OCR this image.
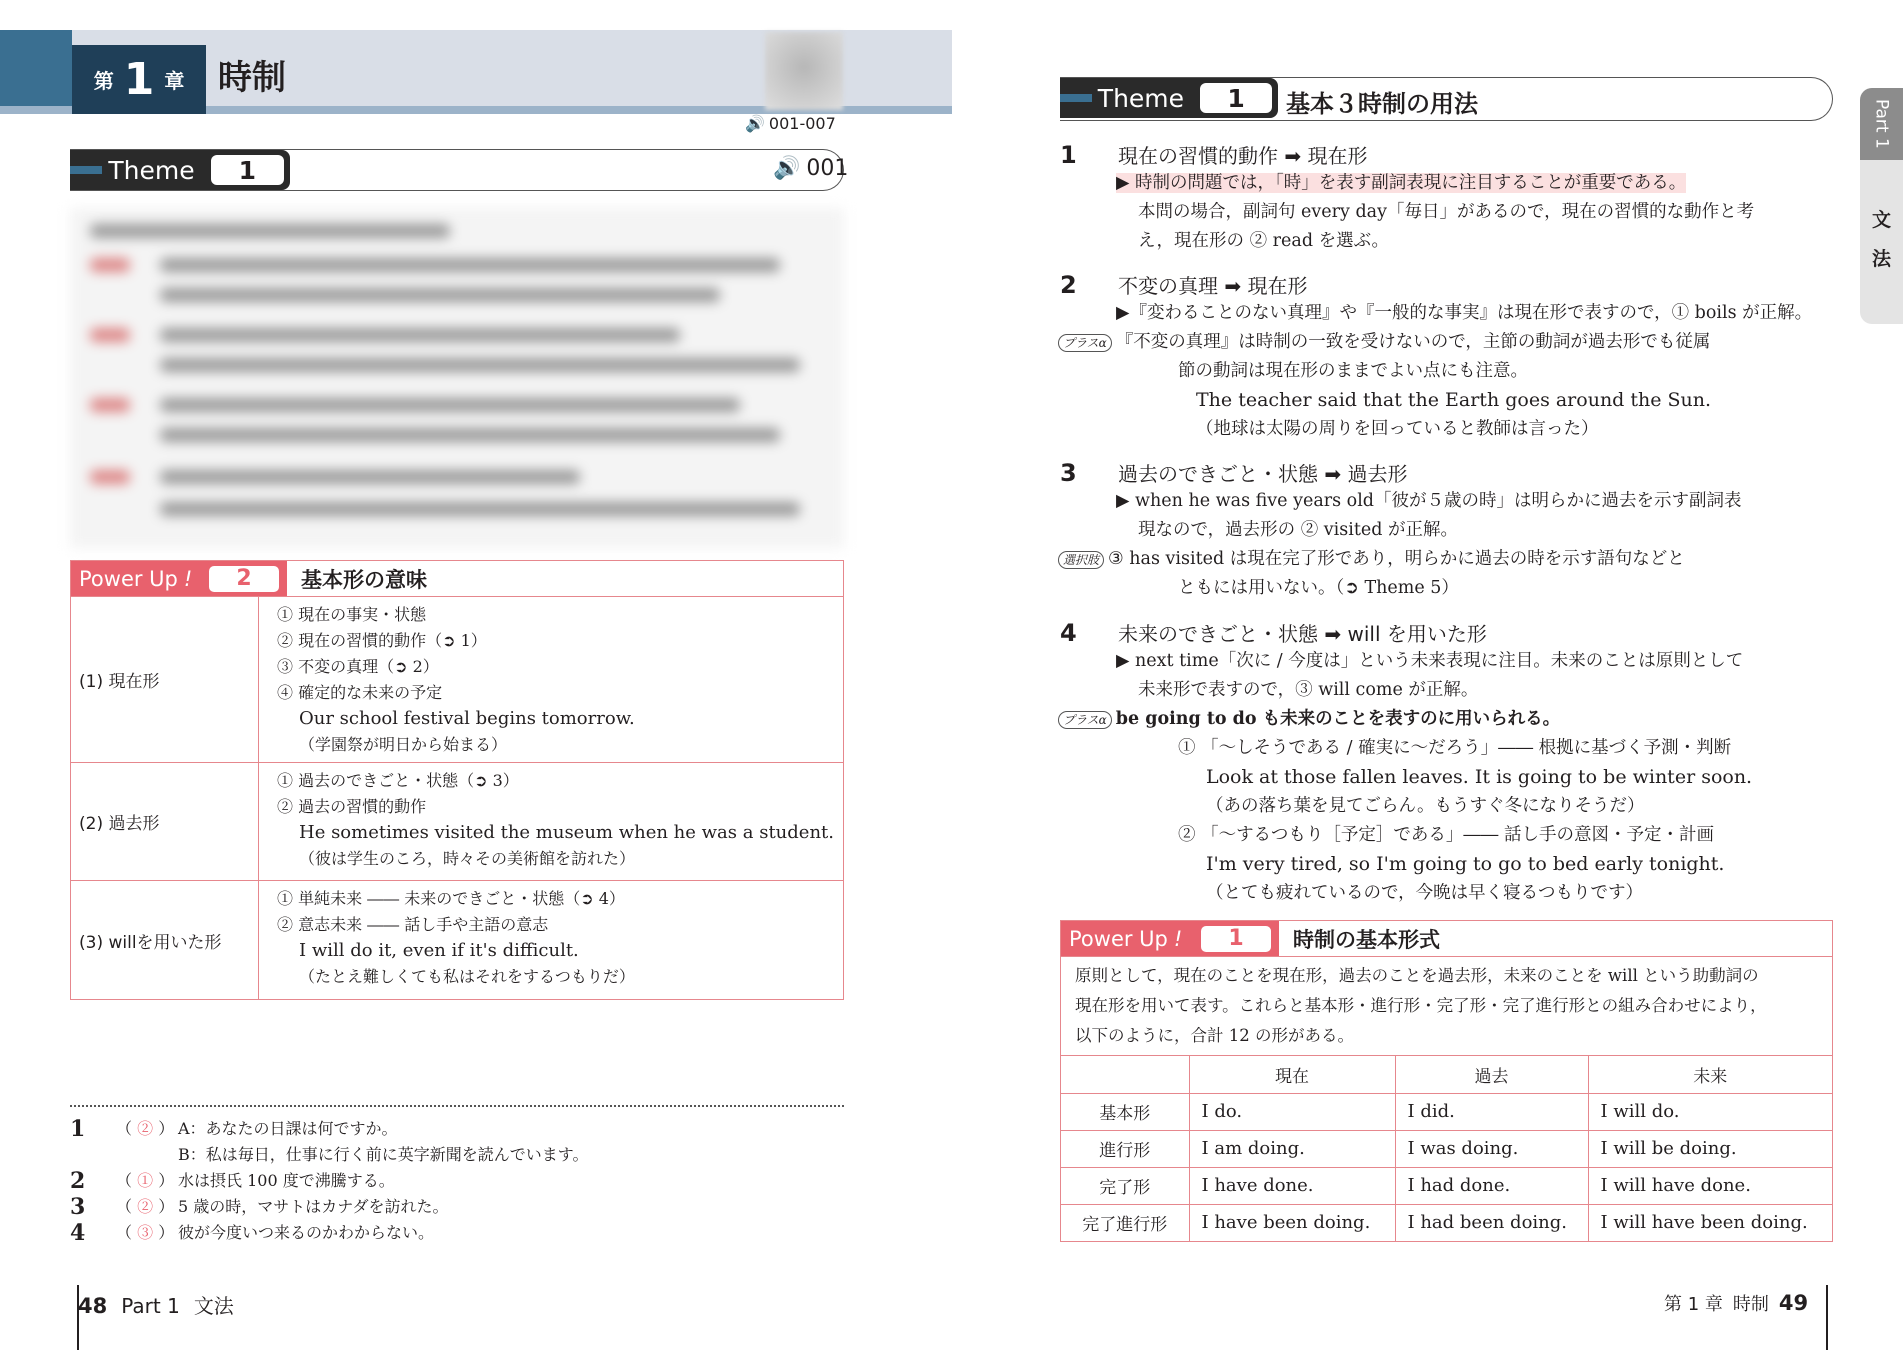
第 1 章 時制
🔊 001-007
Theme	1	🔊 001
Power Up !	2	基本形の意味
(1) 現在形
① 現在の事実・状態
② 現在の習慣的動作（➲ 1）
③ 不変の真理（➲ 2）
④ 確定的な未来の予定
Our school festival begins tomorrow.
（学園祭が明日から始まる）
(2) 過去形
① 過去のできごと・状態（➲ 3）
② 過去の習慣的動作
He sometimes visited the museum when he was a student.
（彼は学生のころ，時々その美術館を訪れた）
(3) willを用いた形
① 単純未来 ―― 未来のできごと・状態（➲ 4）
② 意志未来 ―― 話し手や主語の意志
I will do it, even if it's difficult.
（たとえ難しくても私はそれをするつもりだ）
1	（ ② ） A：あなたの日課は何ですか。
B：私は毎日，仕事に行く前に英字新聞を読んでいます。
2	（ ① ） 水は摂氏 100 度で沸騰する。
3	（ ② ） 5 歳の時，マサトはカナダを訪れた。
4	（ ③ ） 彼が今度いつ来るのかわからない。
48 Part 1 文法
Theme	1	基本３時制の用法	Part 1
文
法
1	現在の習慣的動作 ➡ 現在形
▶ 時制の問題では，「時」を表す副詞表現に注目することが重要である。
本問の場合，副詞句 every day「毎日」があるので，現在の習慣的な動作と考
え，現在形の ② read を選ぶ。
2	不変の真理 ➡ 現在形
▶『変わることのない真理』や『一般的な事実』は現在形で表すので，① boils が正解。
プラスα 『不変の真理』は時制の一致を受けないので，主節の動詞が過去形でも従属
節の動詞は現在形のままでよい点にも注意。
The teacher said that the Earth goes around the Sun.
（地球は太陽の周りを回っていると教師は言った）
3	過去のできごと・状態 ➡ 過去形
▶ when he was five years old「彼が５歳の時」は明らかに過去を示す副詞表
現なので，過去形の ② visited が正解。
選択肢 ③ has visited は現在完了形であり，明らかに過去の時を示す語句などと
ともには用いない。（➲ Theme 5）
4	未来のできごと・状態 ➡ will を用いた形
▶ next time「次に / 今度は」という未来表現に注目。未来のことは原則として
未来形で表すので，③ will come が正解。
プラスα be going to do も未来のことを表すのに用いられる。
① 「～しそうである / 確実に～だろう」―― 根拠に基づく予測・判断
Look at those fallen leaves. It is going to be winter soon.
（あの落ち葉を見てごらん。もうすぐ冬になりそうだ）
② 「～するつもり［予定］である」―― 話し手の意図・予定・計画
I'm very tired, so I'm going to go to bed early tonight.
（とても疲れているので，今晩は早く寝るつもりです）
Power Up !	1	時制の基本形式
原則として，現在のことを現在形，過去のことを過去形，未来のことを will という助動詞の
現在形を用いて表す。これらと基本形・進行形・完了形・完了進行形との組み合わせにより，
以下のように，合計 12 の形がある。
	現在	過去	未来
基本形	I do.	I did.	I will do.
進行形	I am doing.	I was doing.	I will be doing.
完了形	I have done.	I had done.	I will have done.
完了進行形	I have been doing.	I had been doing.	I will have been doing.
第 1 章 時制 49
